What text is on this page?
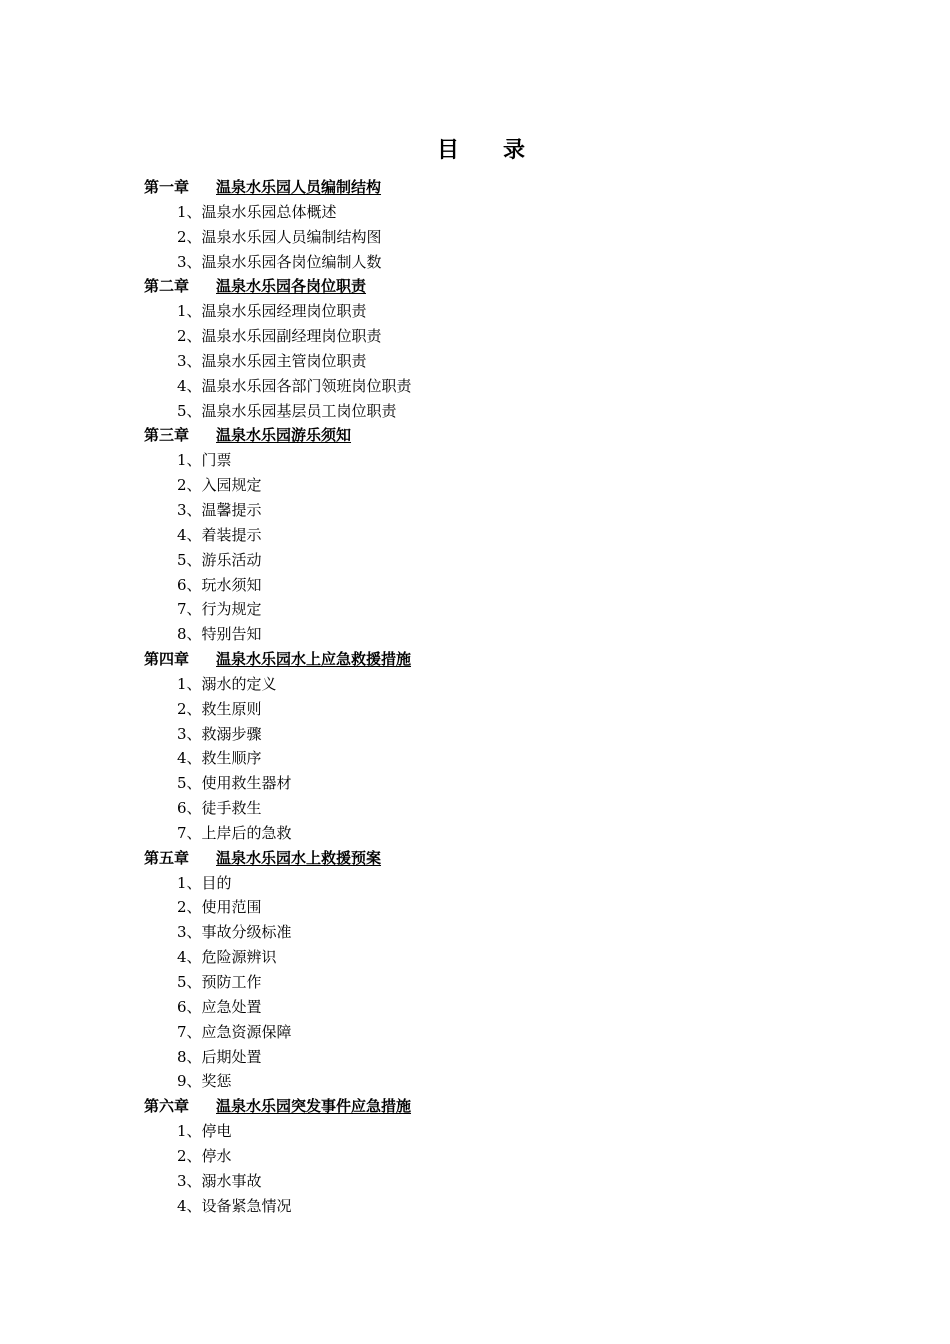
目　　录
第一章 温泉水乐园人员编制结构
1、温泉水乐园总体概述
2、温泉水乐园人员编制结构图
3、温泉水乐园各岗位编制人数
第二章 温泉水乐园各岗位职责
1、温泉水乐园经理岗位职责
2、温泉水乐园副经理岗位职责
3、温泉水乐园主管岗位职责
4、温泉水乐园各部门领班岗位职责
5、温泉水乐园基层员工岗位职责
第三章 温泉水乐园游乐须知
1、门票
2、入园规定
3、温馨提示
4、着装提示
5、游乐活动
6、玩水须知
7、行为规定
8、特别告知
第四章 温泉水乐园水上应急救援措施
1、溺水的定义
2、救生原则
3、救溺步骤
4、救生顺序
5、使用救生器材
6、徒手救生
7、上岸后的急救
第五章 温泉水乐园水上救援预案
1、目的
2、使用范围
3、事故分级标准
4、危险源辨识
5、预防工作
6、应急处置
7、应急资源保障
8、后期处置
9、奖惩
第六章 温泉水乐园突发事件应急措施
1、停电
2、停水
3、溺水事故
4、设备紧急情况
